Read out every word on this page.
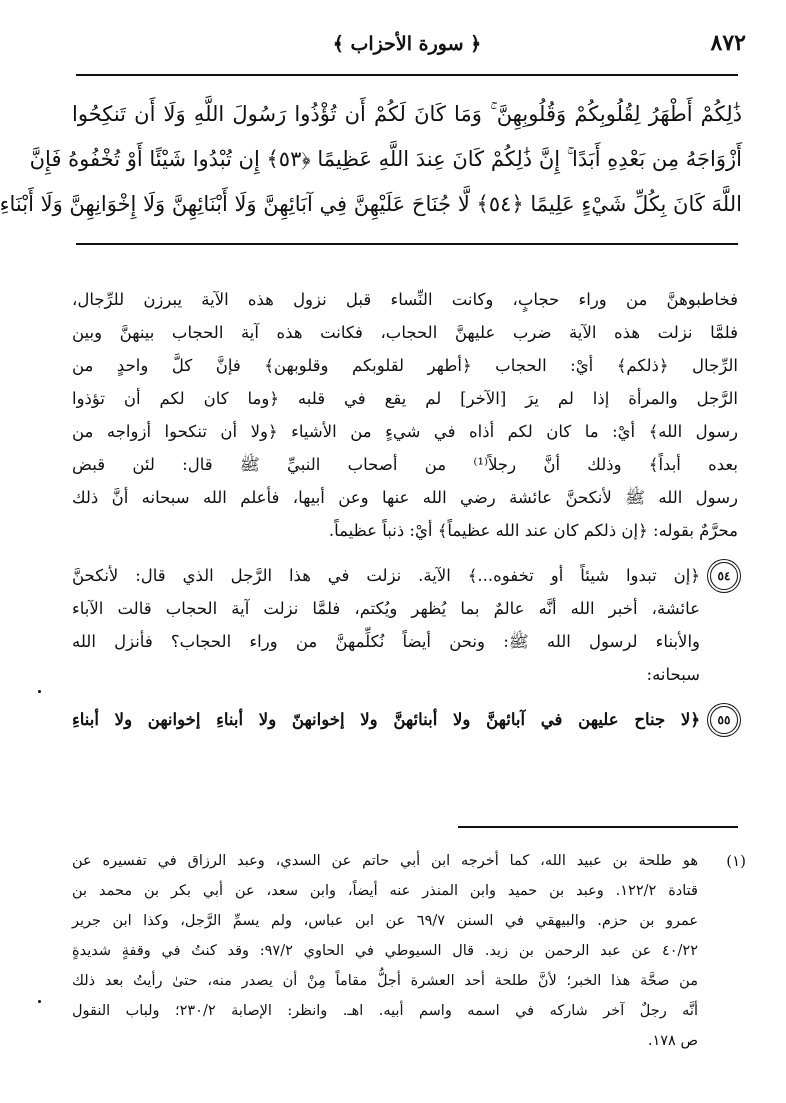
٨٧٢
﴿ سورة الأحزاب ﴾
ذَٰلِكُمْ أَطْهَرُ لِقُلُوبِكُمْ وَقُلُوبِهِنَّ ۚ وَمَا كَانَ لَكُمْ أَن تُؤْذُوا رَسُولَ اللَّهِ وَلَا أَن تَنكِحُوا
أَزْوَاجَهُ مِن بَعْدِهِ أَبَدًا ۚ إِنَّ ذَٰلِكُمْ كَانَ عِندَ اللَّهِ عَظِيمًا ﴿٥٣﴾ إِن تُبْدُوا شَيْئًا أَوْ تُخْفُوهُ فَإِنَّ
اللَّهَ كَانَ بِكُلِّ شَيْءٍ عَلِيمًا ﴿٥٤﴾ لَّا جُنَاحَ عَلَيْهِنَّ فِي آبَائِهِنَّ وَلَا أَبْنَائِهِنَّ وَلَا إِخْوَانِهِنَّ وَلَا أَبْنَاءِ
فخاطبوهنَّ من وراء حجابٍ، وكانت النِّساء قبل نزول هذه الآية يبرزن للرِّجال،
فلمَّا نزلت هذه الآية ضرب عليهنَّ الحجاب، فكانت هذه آية الحجاب بينهنَّ وبين
الرِّجال ﴿ذلكم﴾ أيْ: الحجاب ﴿أطهر لقلوبكم وقلوبهن﴾ فإنَّ كلَّ واحدٍ من
الرَّجل والمرأة إذا لم يرَ [الآخر] لم يقع في قلبه ﴿وما كان لكم أن تؤذوا
رسول الله﴾ أيْ: ما كان لكم أذاه في شيءٍ من الأشياء ﴿ولا أن تنكحوا أزواجه من
بعده أبداً﴾ وذلك أنَّ رجلاً⁽¹⁾ من أصحاب النبيِّ ﷺ قال: لئن قبض
رسول الله ﷺ لأنكحنَّ عائشة رضي الله عنها وعن أبيها، فأعلم الله سبحانه أنَّ ذلك
محرَّمٌ بقوله: ﴿إن ذلكم كان عند الله عظيماً﴾ أيْ: ذنباً عظيماً.
٥٤
﴿إن تبدوا شيئاً أو تخفوه...﴾ الآية. نزلت في هذا الرَّجل الذي قال: لأنكحنَّ
عائشة، أخبر الله أنَّه عالمٌ بما يُظهر ويُكتم، فلمَّا نزلت آية الحجاب قالت الآباء
والأبناء لرسول الله ﷺ: ونحن أيضاً نُكلِّمهنَّ من وراء الحجاب؟ فأنزل الله
سبحانه:
٥٥
﴿لا جناح عليهن في آبائهنَّ ولا أبنائهنَّ ولا إخوانهنّ ولا أبناءِ إخوانهن ولا أبناءِ
(١)
هو طلحة بن عبيد الله، كما أخرجه ابن أبي حاتم عن السدي، وعبد الرزاق في تفسيره عن
قتادة ١٢٢/٢. وعبد بن حميد وابن المنذر عنه أيضاً، وابن سعد، عن أبي بكر بن محمد بن
عمرو بن حزم. والبيهقي في السنن ٦٩/٧ عن ابن عباس، ولم يسمِّ الرَّجل، وكذا ابن جرير
٤٠/٢٢ عن عبد الرحمن بن زيد. قال السيوطي في الحاوي ٩٧/٢: وقد كنتُ في وقفةٍ شديدةٍ
من صحَّة هذا الخبر؛ لأنَّ طلحة أحد العشرة أجلُّ مقاماً مِنْ أن يصدر منه، حتىٰ رأيتُ بعد ذلك
أنَّه رجلٌ آخر شاركه في اسمه واسم أبيه. اهـ. وانظر: الإصابة ٢٣٠/٢؛ ولباب النقول
ص ١٧٨.
